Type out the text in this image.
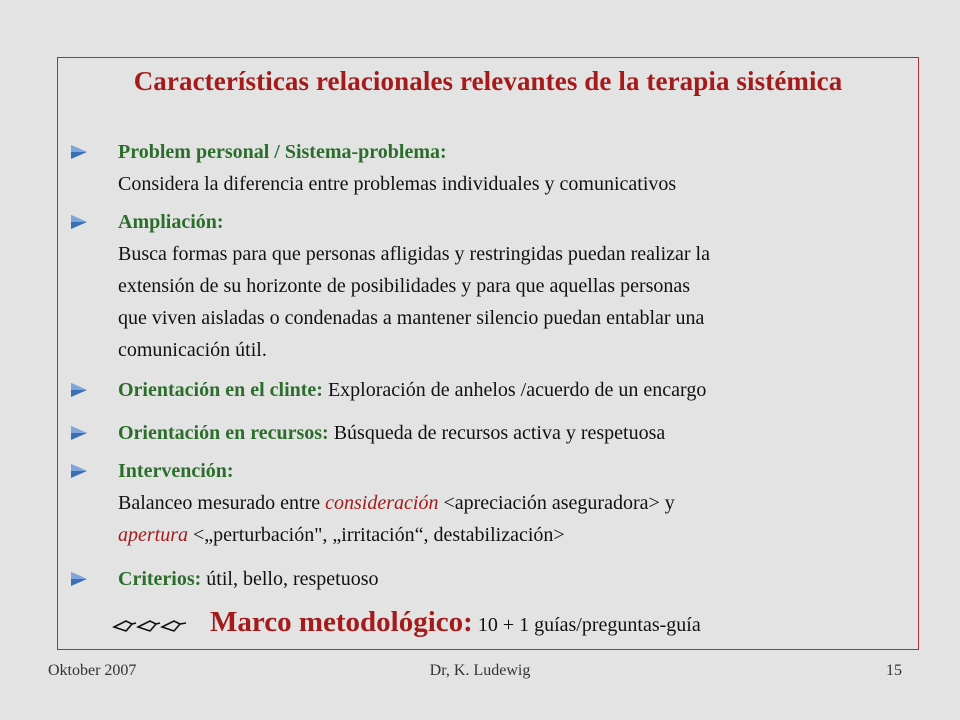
Características relacionales relevantes de la terapia sistémica
Problem personal / Sistema-problema:
Considera la diferencia entre problemas individuales y comunicativos
Ampliación:
Busca formas para que personas afligidas y restringidas puedan realizar la
extensión de su horizonte de posibilidades y para que aquellas personas
que viven aisladas o condenadas a mantener silencio puedan entablar una
comunicación útil.
Orientación en el clinte: Exploración de anhelos /acuerdo de un encargo
Orientación en recursos: Búsqueda de recursos activa y respetuosa
Intervención:
Balanceo mesurado entre consideración <apreciación aseguradora> y
apertura <„perturbación", „irritación“, destabilización>
Criterios: útil, bello, respetuoso
Marco metodológico: 10 + 1 guías/preguntas-guía
Oktober 2007	Dr, K. Ludewig	15
